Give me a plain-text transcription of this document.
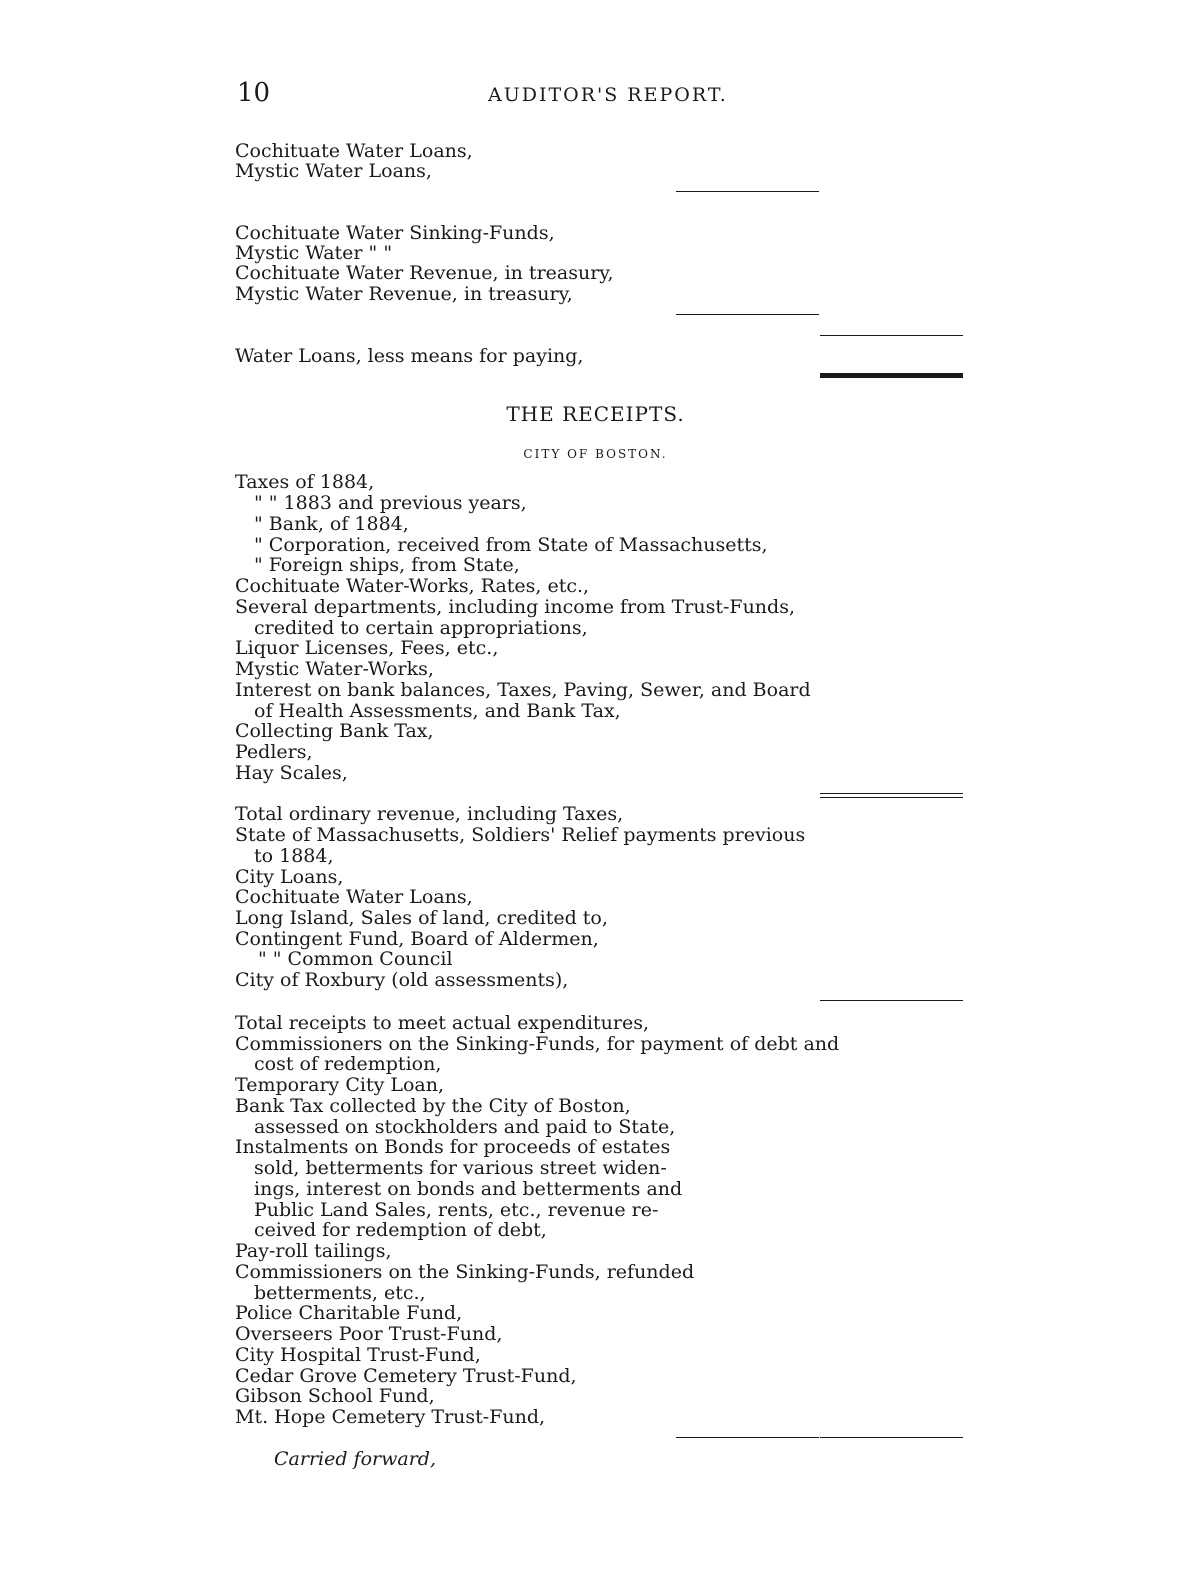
10	AUDITOR'S REPORT.
Cochituate Water Loans,
Mystic Water Loans,
Cochituate Water Sinking-Funds,
Mystic Water " "
Cochituate Water Revenue, in treasury,
Mystic Water Revenue, in treasury,
Water Loans, less means for paying,
THE RECEIPTS.
CITY OF BOSTON.
Taxes of 1884,
" " 1883 and previous years,
" Bank, of 1884,
" Corporation, received from State of Massachusetts,
" Foreign ships, from State,
Cochituate Water-Works, Rates, etc.,
Several departments, including income from Trust-Funds,
credited to certain appropriations,
Liquor Licenses, Fees, etc.,
Mystic Water-Works,
Interest on bank balances, Taxes, Paving, Sewer, and Board
of Health Assessments, and Bank Tax,
Collecting Bank Tax,
Pedlers,
Hay Scales,
Total ordinary revenue, including Taxes,
State of Massachusetts, Soldiers' Relief payments previous
to 1884,
City Loans,
Cochituate Water Loans,
Long Island, Sales of land, credited to,
Contingent Fund, Board of Aldermen,
" " Common Council
City of Roxbury (old assessments),
Total receipts to meet actual expenditures,
Commissioners on the Sinking-Funds, for payment of debt and
cost of redemption,
Temporary City Loan,
Bank Tax collected by the City of Boston,
assessed on stockholders and paid to State,
Instalments on Bonds for proceeds of estates
sold, betterments for various street widen-
ings, interest on bonds and betterments and
Public Land Sales, rents, etc., revenue re-
ceived for redemption of debt,
Pay-roll tailings,
Commissioners on the Sinking-Funds, refunded
betterments, etc.,
Police Charitable Fund,
Overseers Poor Trust-Fund,
City Hospital Trust-Fund,
Cedar Grove Cemetery Trust-Fund,
Gibson School Fund,
Mt. Hope Cemetery Trust-Fund,
Carried forward,
